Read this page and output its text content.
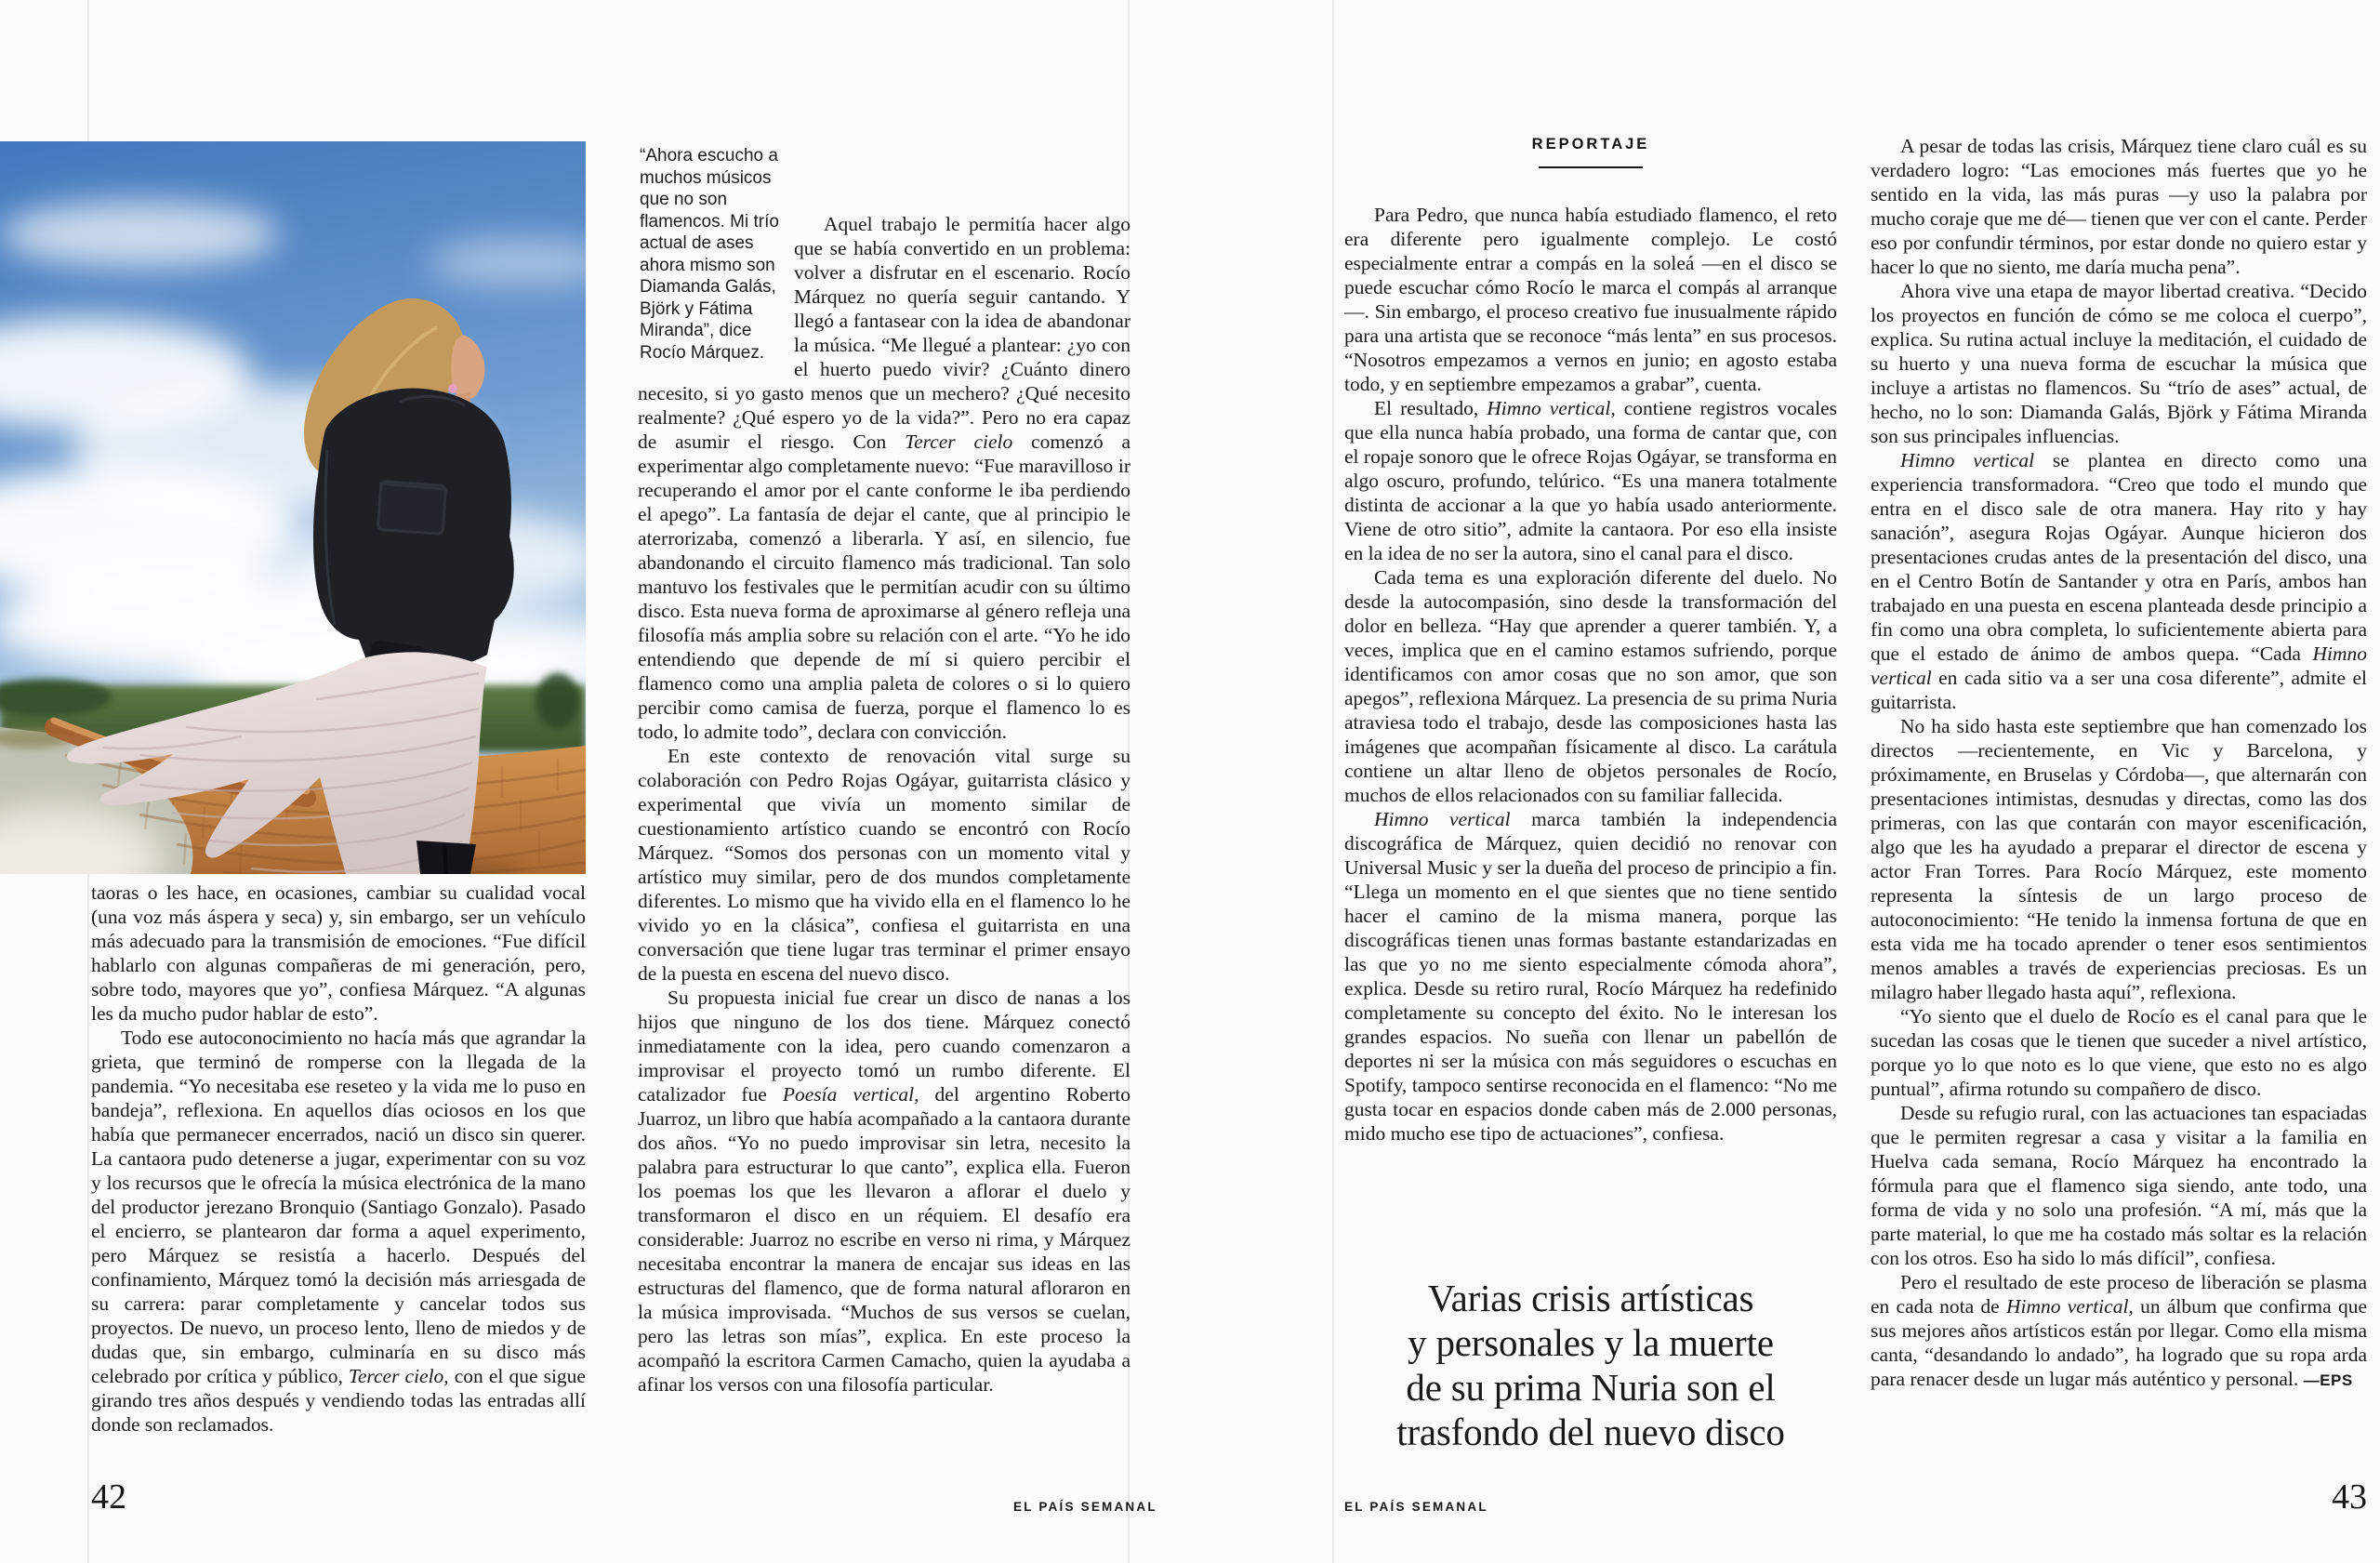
“Ahora escucho a muchos músicos que no son flamencos. Mi trío actual de ases ahora mismo son Diamanda Galás, Björk y Fátima Miranda”, dice Rocío Márquez.

taoras o les hace, en ocasiones, cambiar su cualidad vocal (una voz más áspera y seca) y, sin embargo, ser un vehículo más adecuado para la transmisión de emociones. “Fue difícil hablarlo con algunas compañeras de mi generación, pero, sobre todo, mayores que yo”, confiesa Márquez. “A algunas les da mucho pudor hablar de esto”.

Todo ese autoconocimiento no hacía más que agrandar la grieta, que terminó de romperse con la llegada de la pandemia. “Yo necesitaba ese reseteo y la vida me lo puso en bandeja”, reflexiona. En aquellos días ociosos en los que había que permanecer encerrados, nació un disco sin querer. La cantaora pudo detenerse a jugar, experimentar con su voz y los recursos que le ofrecía la música electrónica de la mano del productor jerezano Bronquio (Santiago Gonzalo). Pasado el encierro, se plantearon dar forma a aquel experimento, pero Márquez se resistía a hacerlo. Después del confinamiento, Márquez tomó la decisión más arriesgada de su carrera: parar completamente y cancelar todos sus proyectos. De nuevo, un proceso lento, lleno de miedos y de dudas que, sin embargo, culminaría en su disco más celebrado por crítica y público, Tercer cielo, con el que sigue girando tres años después y vendiendo todas las entradas allí donde son reclamados.

Aquel trabajo le permitía hacer algo que se había convertido en un problema: volver a disfrutar en el escenario. Rocío Márquez no quería seguir cantando. Y llegó a fantasear con la idea de abandonar la música. “Me llegué a plantear: ¿yo con el huerto puedo vivir? ¿Cuánto dinero necesito, si yo gasto menos que un mechero? ¿Qué necesito realmente? ¿Qué espero yo de la vida?”. Pero no era capaz de asumir el riesgo. Con Tercer cielo comenzó a experimentar algo completamente nuevo: “Fue maravilloso ir recuperando el amor por el cante conforme le iba perdiendo el apego”. La fantasía de dejar el cante, que al principio le aterrorizaba, comenzó a liberarla. Y así, en silencio, fue abandonando el circuito flamenco más tradicional. Tan solo mantuvo los festivales que le permitían acudir con su último disco. Esta nueva forma de aproximarse al género refleja una filosofía más amplia sobre su relación con el arte. “Yo he ido entendiendo que depende de mí si quiero percibir el flamenco como una amplia paleta de colores o si lo quiero percibir como camisa de fuerza, porque el flamenco lo es todo, lo admite todo”, declara con convicción.

En este contexto de renovación vital surge su colaboración con Pedro Rojas Ogáyar, guitarrista clásico y experimental que vivía un momento similar de cuestionamiento artístico cuando se encontró con Rocío Márquez. “Somos dos personas con un momento vital y artístico muy similar, pero de dos mundos completamente diferentes. Lo mismo que ha vivido ella en el flamenco lo he vivido yo en la clásica”, confiesa el guitarrista en una conversación que tiene lugar tras terminar el primer ensayo de la puesta en escena del nuevo disco.

Su propuesta inicial fue crear un disco de nanas a los hijos que ninguno de los dos tiene. Márquez conectó inmediatamente con la idea, pero cuando comenzaron a improvisar el proyecto tomó un rumbo diferente. El catalizador fue Poesía vertical, del argentino Roberto Juarroz, un libro que había acompañado a la cantaora durante dos años. “Yo no puedo improvisar sin letra, necesito la palabra para estructurar lo que canto”, explica ella. Fueron los poemas los que les llevaron a aflorar el duelo y transformaron el disco en un réquiem. El desafío era considerable: Juarroz no escribe en verso ni rima, y Márquez necesitaba encontrar la manera de encajar sus ideas en las estructuras del flamenco, que de forma natural afloraron en la música improvisada. “Muchos de sus versos se cuelan, pero las letras son mías”, explica. En este proceso la acompañó la escritora Carmen Camacho, quien la ayudaba a afinar los versos con una filosofía particular.

42	EL PAÍS SEMANAL
REPORTAJE

Para Pedro, que nunca había estudiado flamenco, el reto era diferente pero igualmente complejo. Le costó especialmente entrar a compás en la soleá —en el disco se puede escuchar cómo Rocío le marca el compás al arranque—. Sin embargo, el proceso creativo fue inusualmente rápido para una artista que se reconoce “más lenta” en sus procesos. “Nosotros empezamos a vernos en junio; en agosto estaba todo, y en septiembre empezamos a grabar”, cuenta.

El resultado, Himno vertical, contiene registros vocales que ella nunca había probado, una forma de cantar que, con el ropaje sonoro que le ofrece Rojas Ogáyar, se transforma en algo oscuro, profundo, telúrico. “Es una manera totalmente distinta de accionar a la que yo había usado anteriormente. Viene de otro sitio”, admite la cantaora. Por eso ella insiste en la idea de no ser la autora, sino el canal para el disco.

Cada tema es una exploración diferente del duelo. No desde la autocompasión, sino desde la transformación del dolor en belleza. “Hay que aprender a querer también. Y, a veces, implica que en el camino estamos sufriendo, porque identificamos con amor cosas que no son amor, que son apegos”, reflexiona Márquez. La presencia de su prima Nuria atraviesa todo el trabajo, desde las composiciones hasta las imágenes que acompañan físicamente al disco. La carátula contiene un altar lleno de objetos personales de Rocío, muchos de ellos relacionados con su familiar fallecida.

Himno vertical marca también la independencia discográfica de Márquez, quien decidió no renovar con Universal Music y ser la dueña del proceso de principio a fin. “Llega un momento en el que sientes que no tiene sentido hacer el camino de la misma manera, porque las discográficas tienen unas formas bastante estandarizadas en las que yo no me siento especialmente cómoda ahora”, explica. Desde su retiro rural, Rocío Márquez ha redefinido completamente su concepto del éxito. No le interesan los grandes espacios. No sueña con llenar un pabellón de deportes ni ser la música con más seguidores o escuchas en Spotify, tampoco sentirse reconocida en el flamenco: “No me gusta tocar en espacios donde caben más de 2.000 personas, mido mucho ese tipo de actuaciones”, confiesa.

Varias crisis artísticas
y personales y la muerte
de su prima Nuria son el
trasfondo del nuevo disco

A pesar de todas las crisis, Márquez tiene claro cuál es su verdadero logro: “Las emociones más fuertes que yo he sentido en la vida, las más puras —y uso la palabra por mucho coraje que me dé— tienen que ver con el cante. Perder eso por confundir términos, por estar donde no quiero estar y hacer lo que no siento, me daría mucha pena”.

Ahora vive una etapa de mayor libertad creativa. “Decido los proyectos en función de cómo se me coloca el cuerpo”, explica. Su rutina actual incluye la meditación, el cuidado de su huerto y una nueva forma de escuchar la música que incluye a artistas no flamencos. Su “trío de ases” actual, de hecho, no lo son: Diamanda Galás, Björk y Fátima Miranda son sus principales influencias.

Himno vertical se plantea en directo como una experiencia transformadora. “Creo que todo el mundo que entra en el disco sale de otra manera. Hay rito y hay sanación”, asegura Rojas Ogáyar. Aunque hicieron dos presentaciones crudas antes de la presentación del disco, una en el Centro Botín de Santander y otra en París, ambos han trabajado en una puesta en escena planteada desde principio a fin como una obra completa, lo suficientemente abierta para que el estado de ánimo de ambos quepa. “Cada Himno vertical en cada sitio va a ser una cosa diferente”, admite el guitarrista.

No ha sido hasta este septiembre que han comenzado los directos —recientemente, en Vic y Barcelona, y próximamente, en Bruselas y Córdoba—, que alternarán con presentaciones intimistas, desnudas y directas, como las dos primeras, con las que contarán con mayor escenificación, algo que les ha ayudado a preparar el director de escena y actor Fran Torres. Para Rocío Márquez, este momento representa la síntesis de un largo proceso de autoconocimiento: “He tenido la inmensa fortuna de que en esta vida me ha tocado aprender o tener esos sentimientos menos amables a través de experiencias preciosas. Es un milagro haber llegado hasta aquí”, reflexiona.

“Yo siento que el duelo de Rocío es el canal para que le sucedan las cosas que le tienen que suceder a nivel artístico, porque yo lo que noto es lo que viene, que esto no es algo puntual”, afirma rotundo su compañero de disco.

Desde su refugio rural, con las actuaciones tan espaciadas que le permiten regresar a casa y visitar a la familia en Huelva cada semana, Rocío Márquez ha encontrado la fórmula para que el flamenco siga siendo, ante todo, una forma de vida y no solo una profesión. “A mí, más que la parte material, lo que me ha costado más soltar es la relación con los otros. Eso ha sido lo más difícil”, confiesa.

Pero el resultado de este proceso de liberación se plasma en cada nota de Himno vertical, un álbum que confirma que sus mejores años artísticos están por llegar. Como ella misma canta, “desandando lo andado”, ha logrado que su ropa arda para renacer desde un lugar más auténtico y personal. —EPS

43
EL PAÍS SEMANAL
